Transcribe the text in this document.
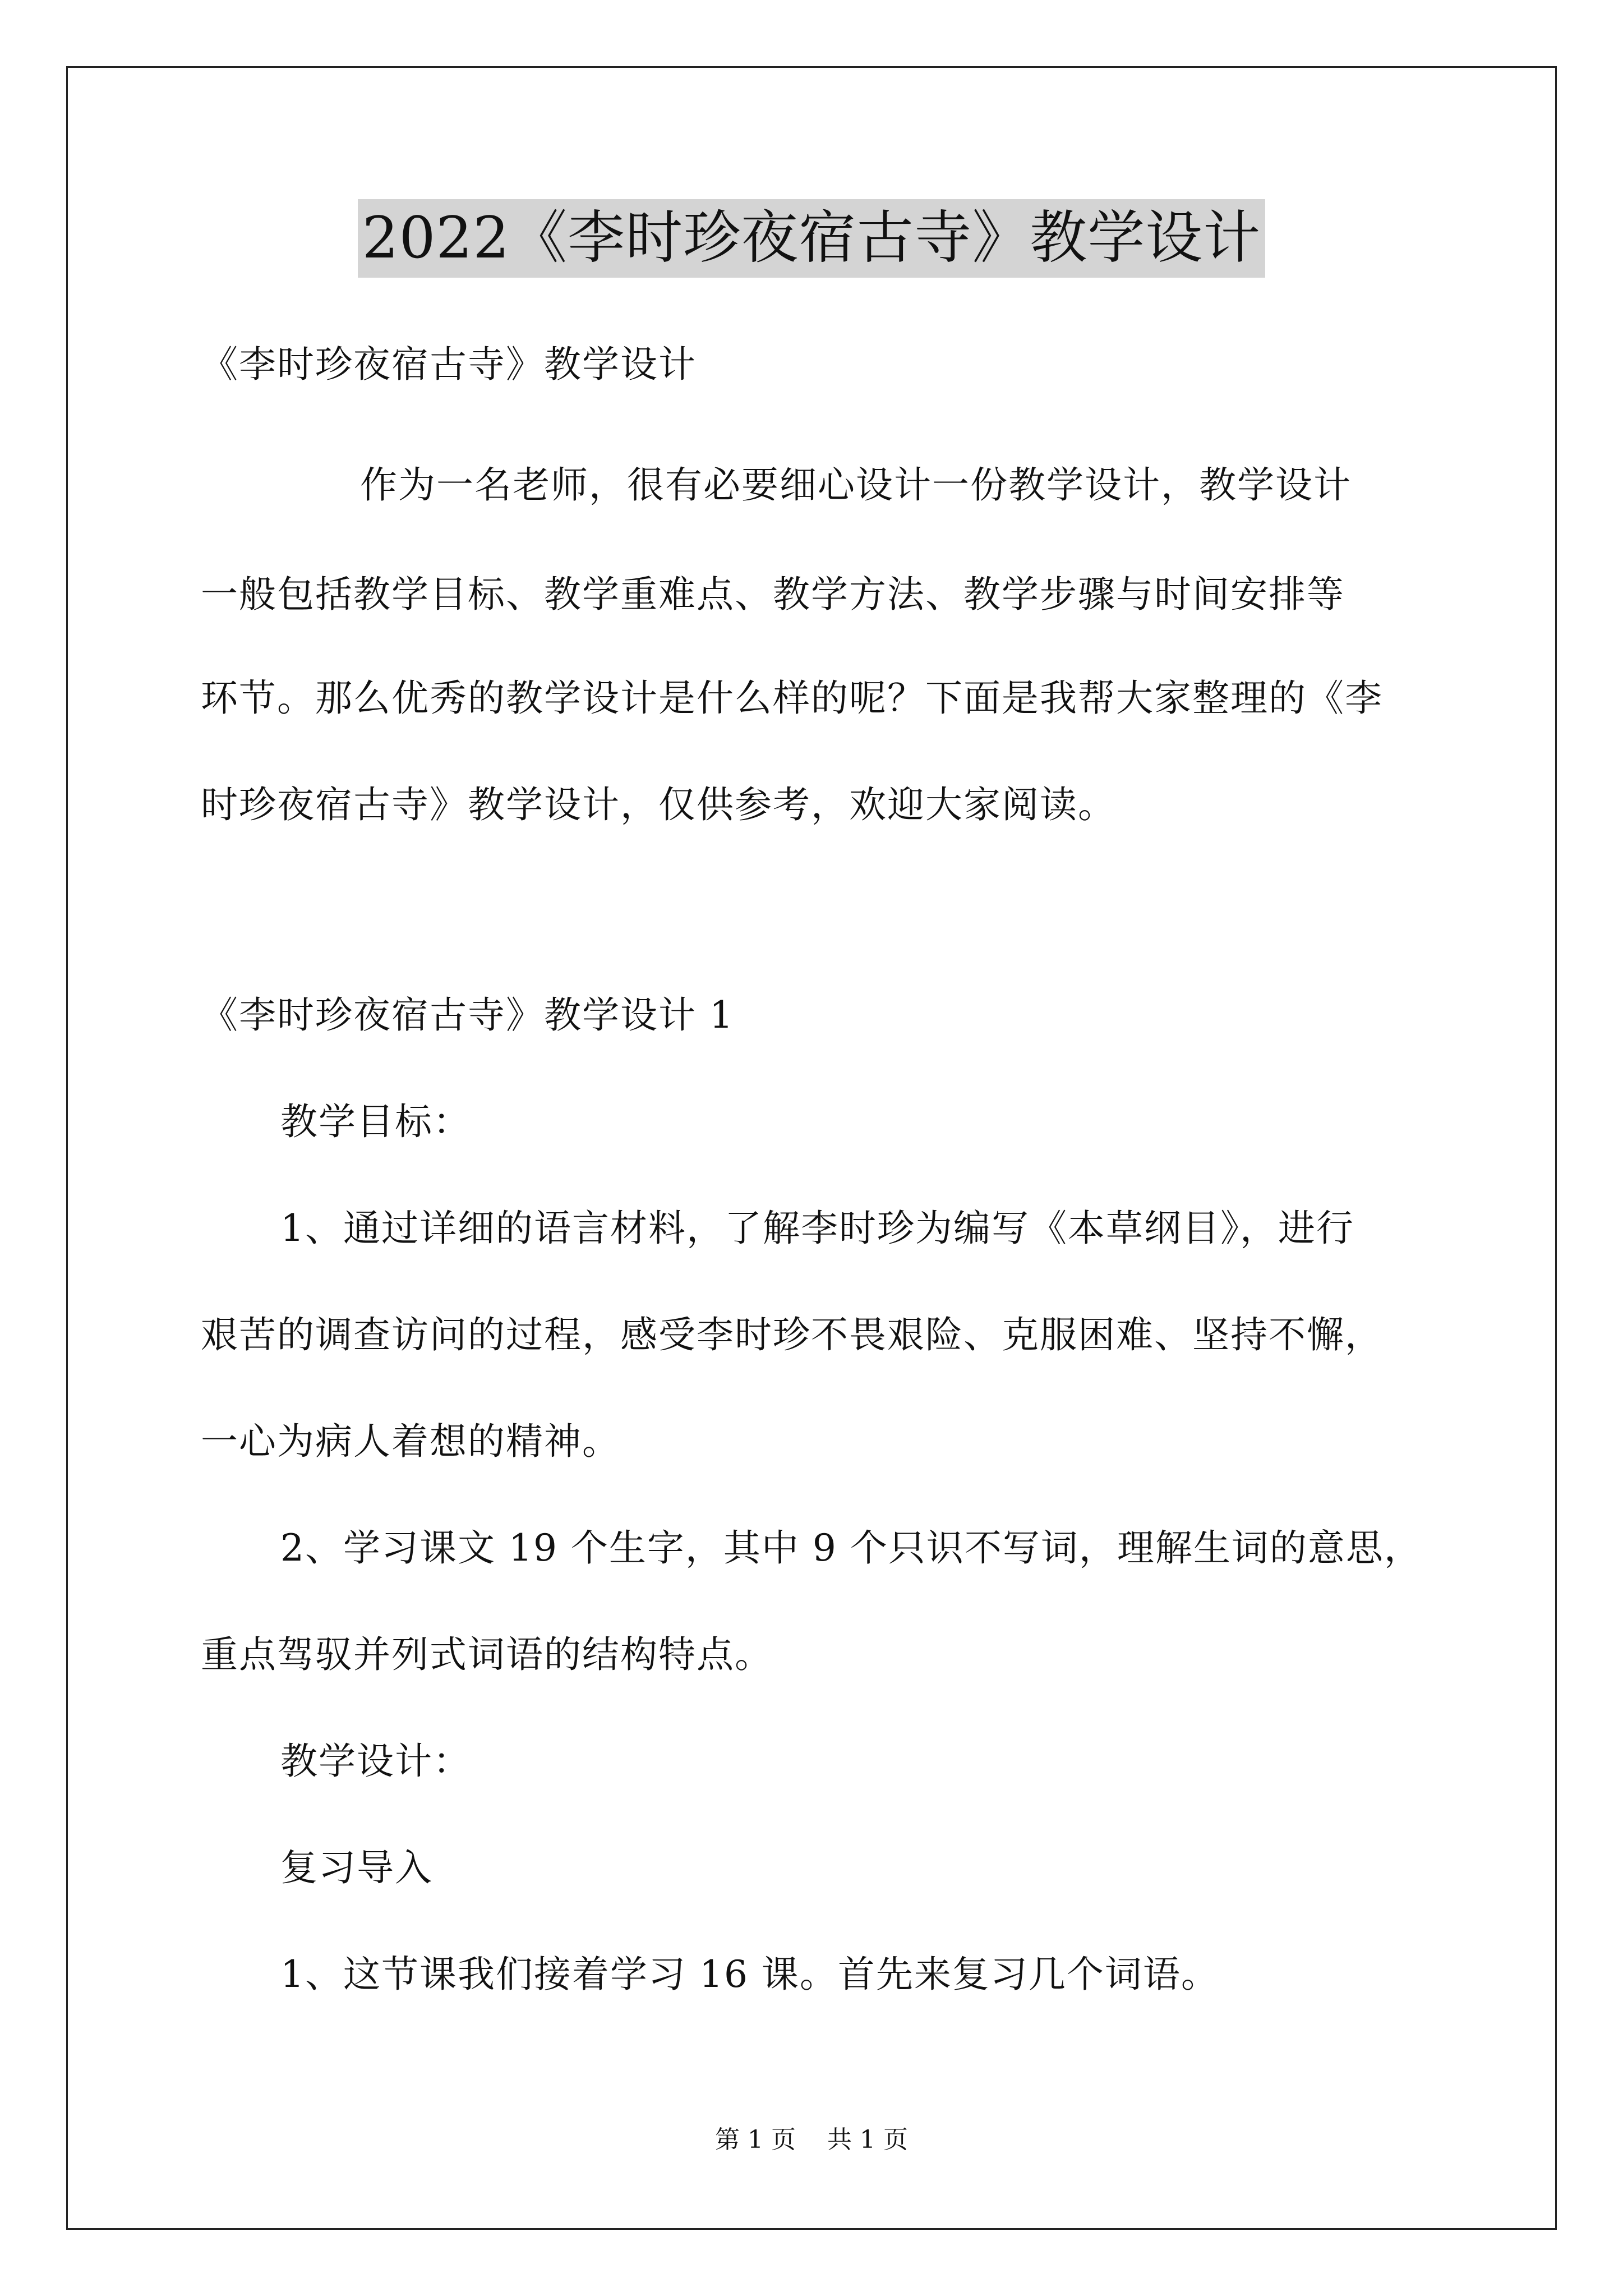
2022《李时珍夜宿古寺》教学设计
《李时珍夜宿古寺》教学设计
作为一名老师，很有必要细心设计一份教学设计，教学设计
一般包括教学目标、教学重难点、教学方法、教学步骤与时间安排等
环节。那么优秀的教学设计是什么样的呢？下面是我帮大家整理的《李
时珍夜宿古寺》教学设计，仅供参考，欢迎大家阅读。
《李时珍夜宿古寺》教学设计 1
教学目标：
1、通过详细的语言材料，了解李时珍为编写《本草纲目》，进行
艰苦的调查访问的过程，感受李时珍不畏艰险、克服困难、坚持不懈，
一心为病人着想的精神。
2、学习课文 19 个生字，其中 9 个只识不写词，理解生词的意思，
重点驾驭并列式词语的结构特点。
教学设计：
复习导入
1、这节课我们接着学习 16 课。首先来复习几个词语。
第 1 页 共 1 页
